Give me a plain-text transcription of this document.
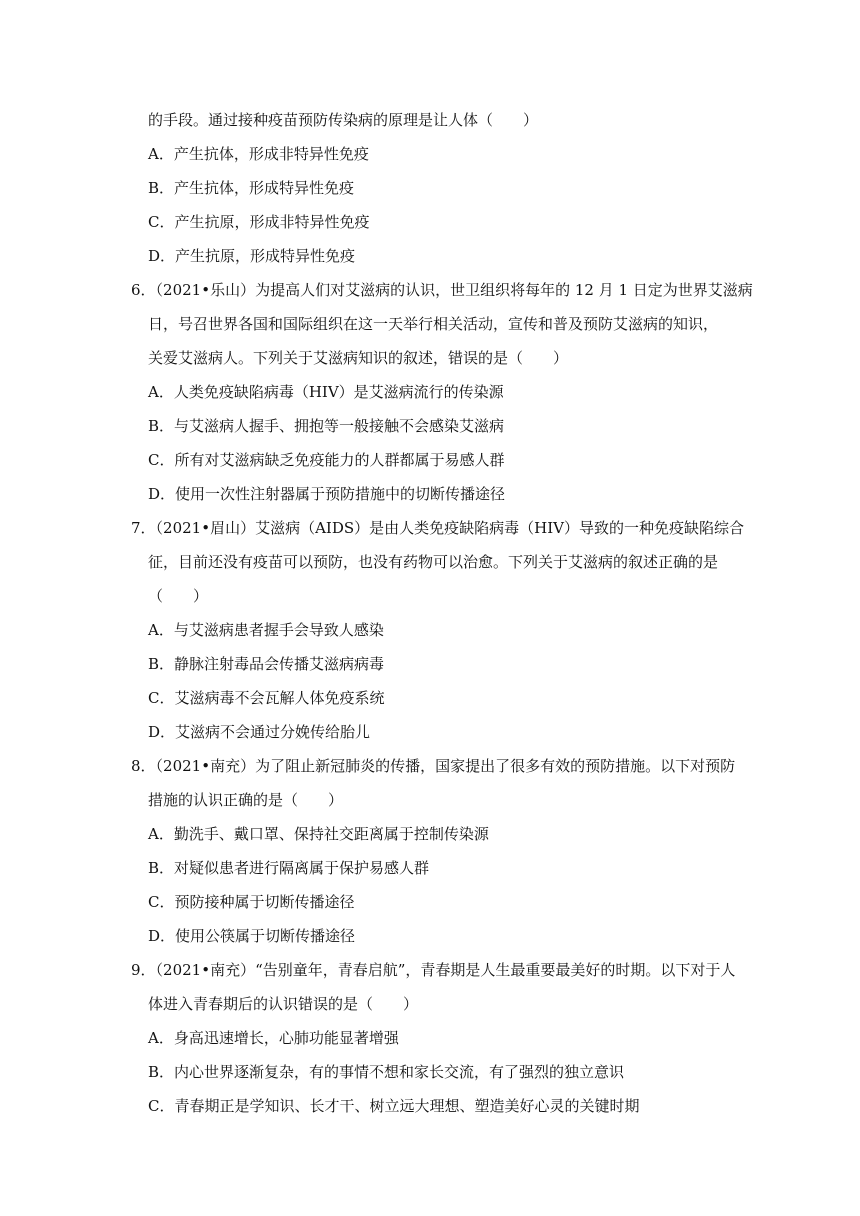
的手段。通过接种疫苗预防传染病的原理是让人体（　　）
A．产生抗体，形成非特异性免疫
B．产生抗体，形成特异性免疫
C．产生抗原，形成非特异性免疫
D．产生抗原，形成特异性免疫
6．（2021•乐山）为提高人们对艾滋病的认识，世卫组织将每年的 12 月 1 日定为世界艾滋病
日，号召世界各国和国际组织在这一天举行相关活动，宣传和普及预防艾滋病的知识，
关爱艾滋病人。下列关于艾滋病知识的叙述，错误的是（　　）
A．人类免疫缺陷病毒（HIV）是艾滋病流行的传染源
B．与艾滋病人握手、拥抱等一般接触不会感染艾滋病
C．所有对艾滋病缺乏免疫能力的人群都属于易感人群
D．使用一次性注射器属于预防措施中的切断传播途径
7．（2021•眉山）艾滋病（AIDS）是由人类免疫缺陷病毒（HIV）导致的一种免疫缺陷综合
征，目前还没有疫苗可以预防，也没有药物可以治愈。下列关于艾滋病的叙述正确的是
（　　）
A．与艾滋病患者握手会导致人感染
B．静脉注射毒品会传播艾滋病病毒
C．艾滋病毒不会瓦解人体免疫系统
D．艾滋病不会通过分娩传给胎儿
8．（2021•南充）为了阻止新冠肺炎的传播，国家提出了很多有效的预防措施。以下对预防
措施的认识正确的是（　　）
A．勤洗手、戴口罩、保持社交距离属于控制传染源
B．对疑似患者进行隔离属于保护易感人群
C．预防接种属于切断传播途径
D．使用公筷属于切断传播途径
9．（2021•南充）“告别童年，青春启航”，青春期是人生最重要最美好的时期。以下对于人
体进入青春期后的认识错误的是（　　）
A．身高迅速增长，心肺功能显著增强
B．内心世界逐渐复杂，有的事情不想和家长交流，有了强烈的独立意识
C．青春期正是学知识、长才干、树立远大理想、塑造美好心灵的关键时期
